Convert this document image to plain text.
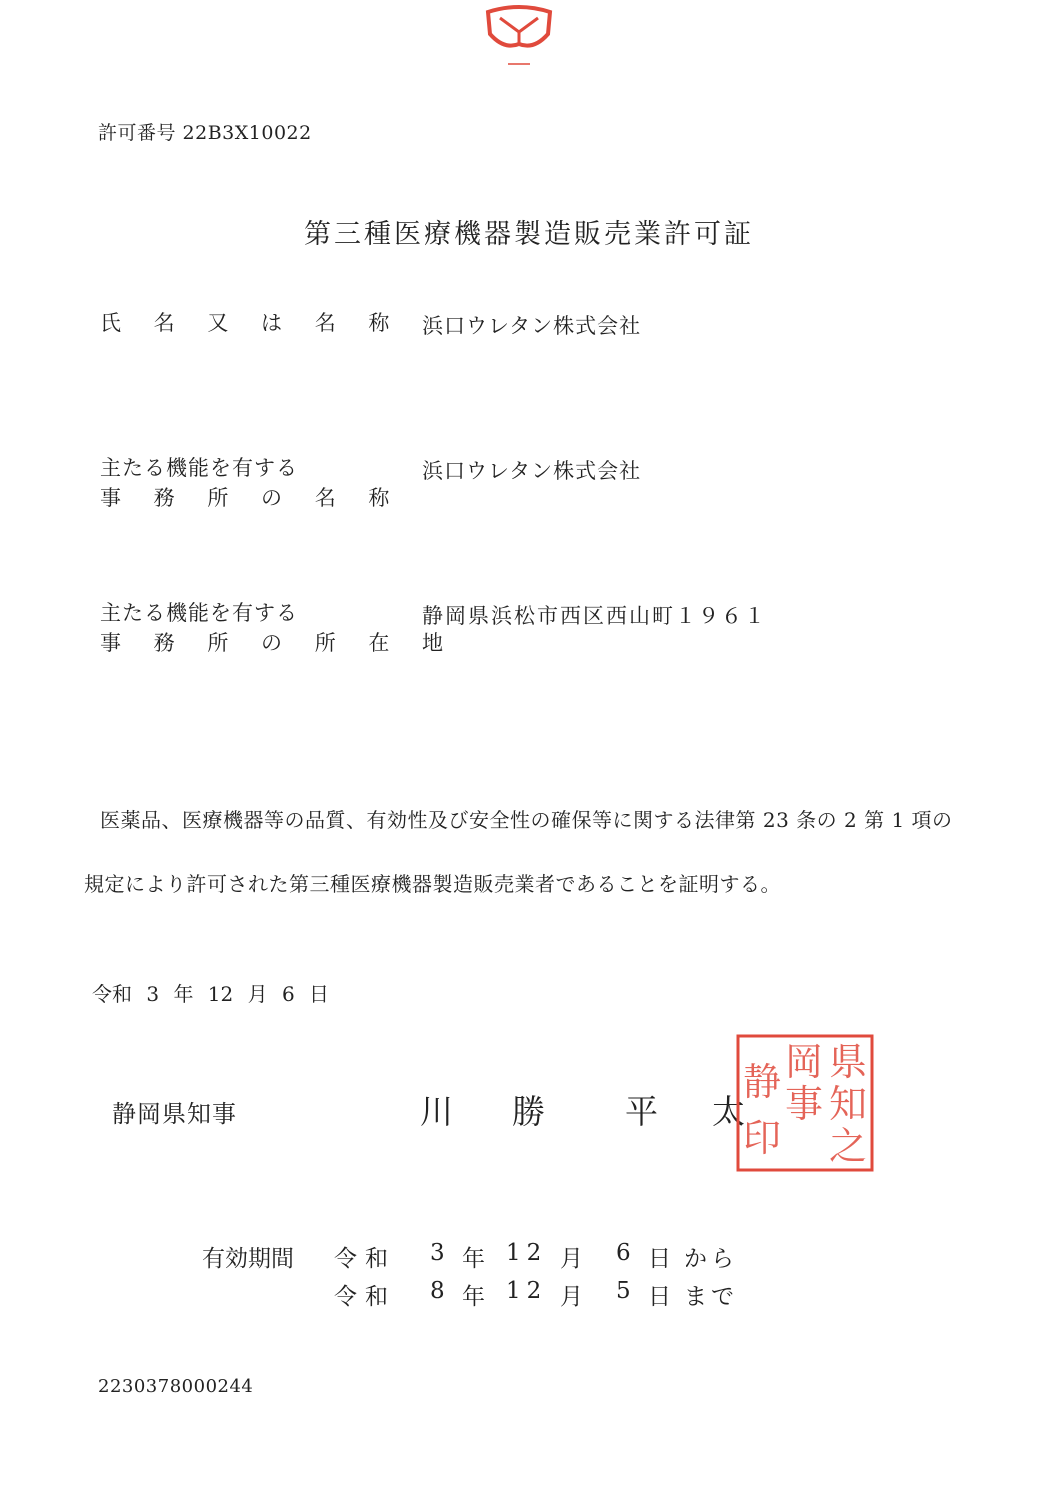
許可番号 22B3X10022
第三種医療機器製造販売業許可証
氏 名 又 は 名 称 浜口ウレタン株式会社
主たる機能を有する
事 務 所 の 名 称
浜口ウレタン株式会社
主たる機能を有する
事 務 所 の 所 在 地
静岡県浜松市西区西山町１９６１
医薬品、医療機器等の品質、有効性及び安全性の確保等に関する法律第 23 条の 2 第 1 項の
規定により許可された第三種医療機器製造販売業者であることを証明する。
令和 3 年 12 月 6 日
静岡県知事	川 勝 平 太
県
知
之
岡
事
静
印
有効期間 令和 3 年 12 月 6 日 から
令和 8 年 12 月 5 日 まで
2230378000244
